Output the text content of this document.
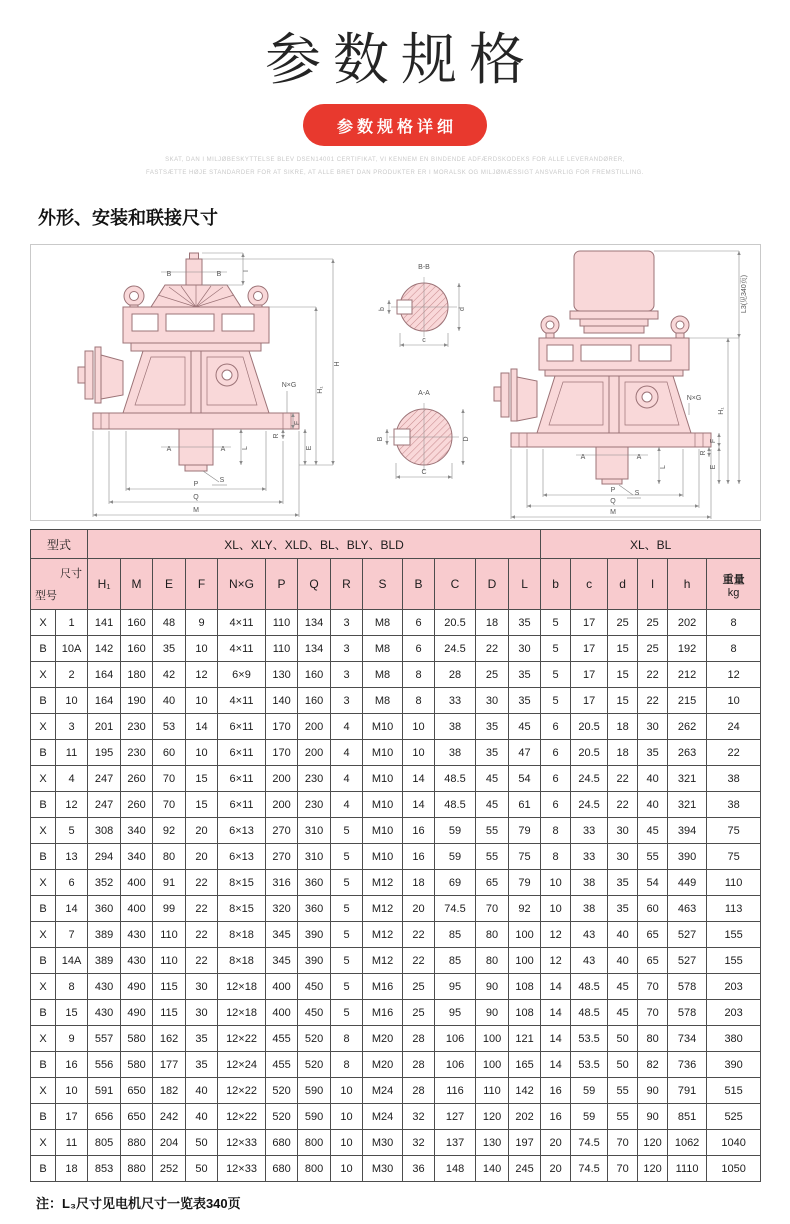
参数规格
参数规格详细
SKAT, DAN I MILJØBESKYTTELSE BLEV DSEN14001 CERTIFIKAT, VI KENNEM EN BINDENDE ADFÆRDSKODEKS FOR ALLE LEVERANDØRER,
FASTSÆTTE HØJE STANDARDER FOR AT SIKRE, AT ALLE BRET DAN PRODUKTER ER I MORALSK OG MILJØMÆSSIGT ANSVARLIG FOR FREMSTILLING.
外形、安装和联接尺寸
B	B	I
H
H₁
N×G
F
R
E
A	A L
S
P
Q
M
B-B
b	d
c
A-A
B	D
C
L3(见340页)
H₁
N×G
F
R
E
A	A
L
S
P
Q
M
型式		XL、XLY、XLD、BL、BLY、BLD													XL、BL					

尺寸
型号		H₁	M	E	F	N×G	P	Q	R	S	B	C	D	L	b	c	d	l	h	重量
kg

X	1	141	160	48	9	4×11	110	134	3	M8	6	20.5	18	35	5	17	25	25	202	8
B	10A	142	160	35	10	4×11	110	134	3	M8	6	24.5	22	30	5	17	15	25	192	8
X	2	164	180	42	12	6×9	130	160	3	M8	8	28	25	35	5	17	15	22	212	12
B	10	164	190	40	10	4×11	140	160	3	M8	8	33	30	35	5	17	15	22	215	10
X	3	201	230	53	14	6×11	170	200	4	M10	10	38	35	45	6	20.5	18	30	262	24
B	11	195	230	60	10	6×11	170	200	4	M10	10	38	35	47	6	20.5	18	35	263	22
X	4	247	260	70	15	6×11	200	230	4	M10	14	48.5	45	54	6	24.5	22	40	321	38
B	12	247	260	70	15	6×11	200	230	4	M10	14	48.5	45	61	6	24.5	22	40	321	38
X	5	308	340	92	20	6×13	270	310	5	M10	16	59	55	79	8	33	30	45	394	75
B	13	294	340	80	20	6×13	270	310	5	M10	16	59	55	75	8	33	30	55	390	75
X	6	352	400	91	22	8×15	316	360	5	M12	18	69	65	79	10	38	35	54	449	110
B	14	360	400	99	22	8×15	320	360	5	M12	20	74.5	70	92	10	38	35	60	463	113
X	7	389	430	110	22	8×18	345	390	5	M12	22	85	80	100	12	43	40	65	527	155
B	14A	389	430	110	22	8×18	345	390	5	M12	22	85	80	100	12	43	40	65	527	155
X	8	430	490	115	30	12×18	400	450	5	M16	25	95	90	108	14	48.5	45	70	578	203
B	15	430	490	115	30	12×18	400	450	5	M16	25	95	90	108	14	48.5	45	70	578	203
X	9	557	580	162	35	12×22	455	520	8	M20	28	106	100	121	14	53.5	50	80	734	380
B	16	556	580	177	35	12×24	455	520	8	M20	28	106	100	165	14	53.5	50	82	736	390
X	10	591	650	182	40	12×22	520	590	10	M24	28	116	110	142	16	59	55	90	791	515
B	17	656	650	242	40	12×22	520	590	10	M24	32	127	120	202	16	59	55	90	851	525
X	11	805	880	204	50	12×33	680	800	10	M30	32	137	130	197	20	74.5	70	120	1062	1040
B	18	853	880	252	50	12×33	680	800	10	M30	36	148	140	245	20	74.5	70	120	1110	1050
注：L₃尺寸见电机尺寸一览表340页
